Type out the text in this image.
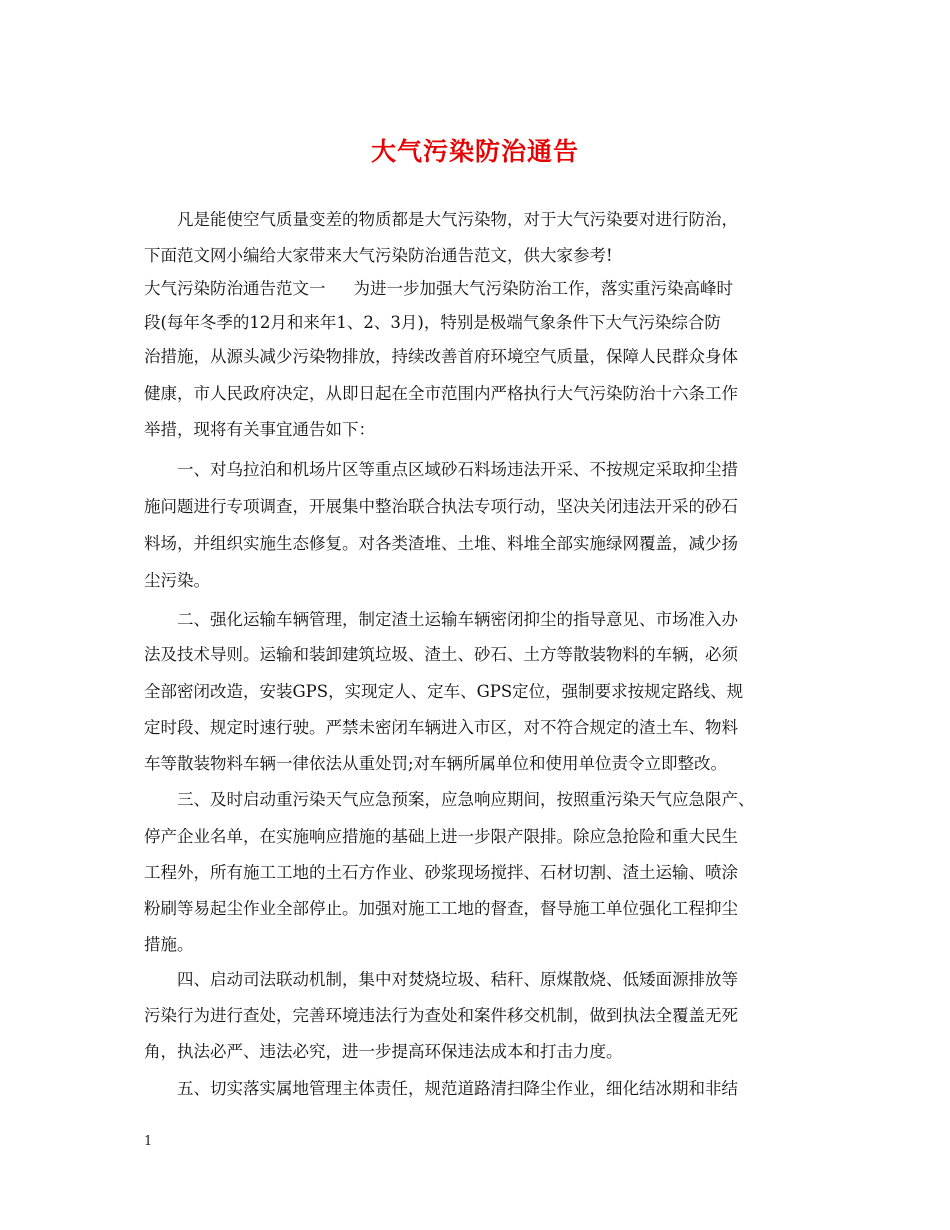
大气污染防治通告
凡是能使空气质量变差的物质都是大气污染物，对于大气污染要对进行防治，
下面范文网小编给大家带来大气污染防治通告范文，供大家参考!
大气污染防治通告范文一 为进一步加强大气污染防治工作，落实重污染高峰时
段(每年冬季的12月和来年1、2、3月)，特别是极端气象条件下大气污染综合防
治措施，从源头减少污染物排放，持续改善首府环境空气质量，保障人民群众身体
健康，市人民政府决定，从即日起在全市范围内严格执行大气污染防治十六条工作
举措，现将有关事宜通告如下：
一、对乌拉泊和机场片区等重点区域砂石料场违法开采、不按规定采取抑尘措
施问题进行专项调查，开展集中整治联合执法专项行动，坚决关闭违法开采的砂石
料场，并组织实施生态修复。对各类渣堆、土堆、料堆全部实施绿网覆盖，减少扬
尘污染。
二、强化运输车辆管理，制定渣土运输车辆密闭抑尘的指导意见、市场准入办
法及技术导则。运输和装卸建筑垃圾、渣土、砂石、土方等散装物料的车辆，必须
全部密闭改造，安装GPS，实现定人、定车、GPS定位，强制要求按规定路线、规
定时段、规定时速行驶。严禁未密闭车辆进入市区，对不符合规定的渣土车、物料
车等散装物料车辆一律依法从重处罚;对车辆所属单位和使用单位责令立即整改。
三、及时启动重污染天气应急预案，应急响应期间，按照重污染天气应急限产、
停产企业名单，在实施响应措施的基础上进一步限产限排。除应急抢险和重大民生
工程外，所有施工工地的土石方作业、砂浆现场搅拌、石材切割、渣土运输、喷涂
粉刷等易起尘作业全部停止。加强对施工工地的督查，督导施工单位强化工程抑尘
措施。
四、启动司法联动机制，集中对焚烧垃圾、秸秆、原煤散烧、低矮面源排放等
污染行为进行查处，完善环境违法行为查处和案件移交机制，做到执法全覆盖无死
角，执法必严、违法必究，进一步提高环保违法成本和打击力度。
五、切实落实属地管理主体责任，规范道路清扫降尘作业，细化结冰期和非结
1
